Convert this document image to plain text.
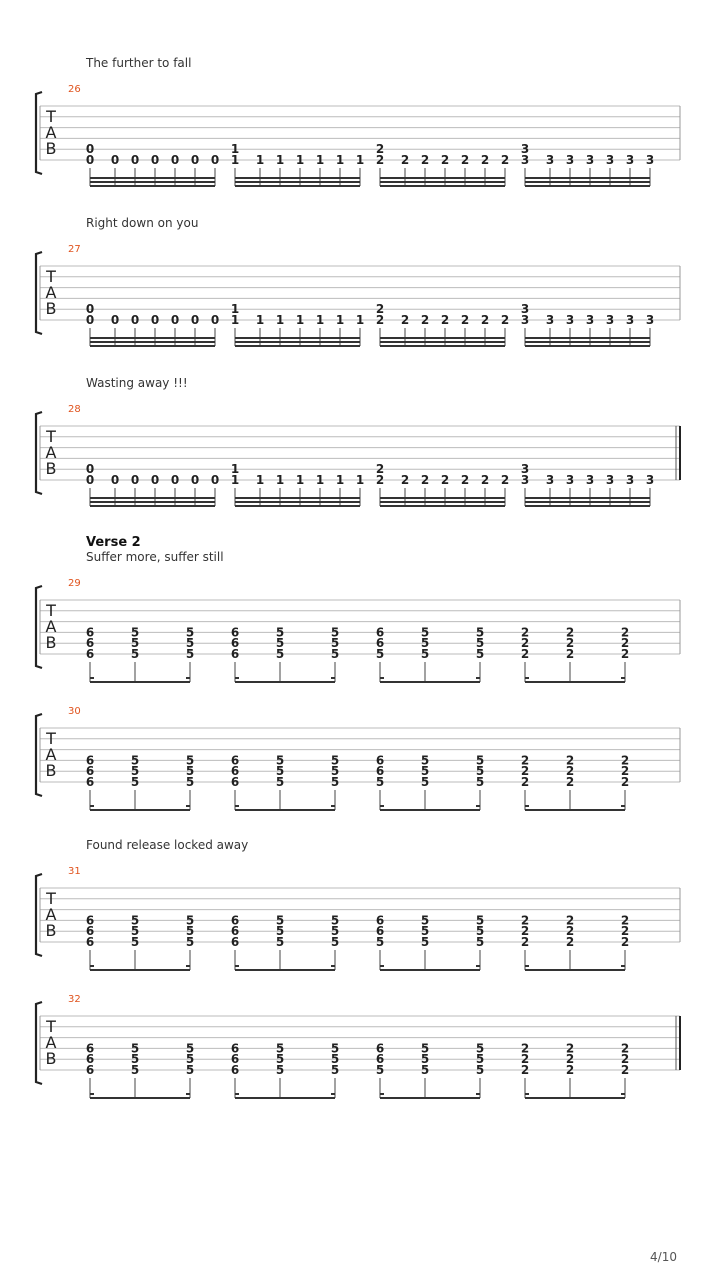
The further to fall
26
T
A
B 0
0 0 0 0 0 0 0
1
1 1 1 1 1 1 1
2
2 2 2 2 2 2 2
3
3 3 3 3 3 3 3
Right down on you
27
T
A
B 0
0 0 0 0 0 0 0
1
1 1 1 1 1 1 1
2
2 2 2 2 2 2 2
3
3 3 3 3 3 3 3
Wasting away !!!
28
T
A
B 0
0 0 0 0 0 0 0
1
1 1 1 1 1 1 1
2
2 2 2 2 2 2 2
3
3 3 3 3 3 3 3
Verse 2
Suffer more, suffer still
29
T
A
B
6
6
6
5
5
5
5
5
5
6
6
6
5
5
5
5
5
5
6
6
5
5
5
5
5
5
5
2
2
2
2
2
2
2
2
2
30
T
A
B
6
6
6
5
5
5
5
5
5
6
6
6
5
5
5
5
5
5
6
6
5
5
5
5
5
5
5
2
2
2
2
2
2
2
2
2
Found release locked away
31
T
A
B
6
6
6
5
5
5
5
5
5
6
6
6
5
5
5
5
5
5
6
6
5
5
5
5
5
5
5
2
2
2
2
2
2
2
2
2
32
T
A
B
6
6
6
5
5
5
5
5
5
6
6
6
5
5
5
5
5
5
6
6
5
5
5
5
5
5
5
2
2
2
2
2
2
2
2
2
4/10
